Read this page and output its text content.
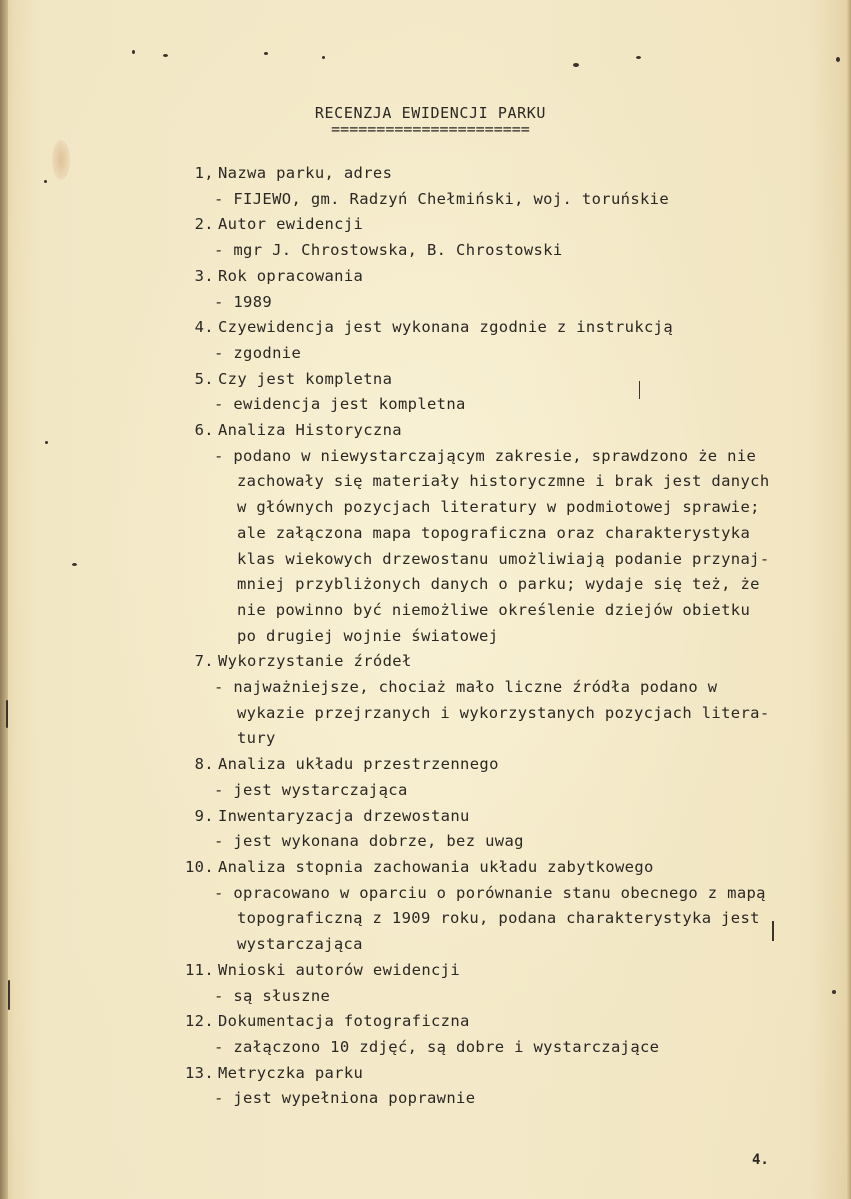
RECENZJA EWIDENCJI PARKU
======================
1, Nazwa parku, adres
- FIJEWO, gm. Radzyń Chełmiński, woj. toruńskie
2. Autor ewidencji
- mgr J. Chrostowska, B. Chrostowski
3. Rok opracowania
- 1989
4. Czyewidencja jest wykonana zgodnie z instrukcją
- zgodnie
5. Czy jest kompletna
- ewidencja jest kompletna
6. Analiza Historyczna
- podano w niewystarczającym zakresie, sprawdzono że nie
zachowały się materiały historyczmne i brak jest danych
w głównych pozycjach literatury w podmiotowej sprawie;
ale załączona mapa topograficzna oraz charakterystyka
klas wiekowych drzewostanu umożliwiają podanie przynaj-
mniej przybliżonych danych o parku; wydaje się też, że
nie powinno być niemożliwe określenie dziejów obietku
po drugiej wojnie światowej
7. Wykorzystanie źródeł
- najważniejsze, chociaż mało liczne źródła podano w
wykazie przejrzanych i wykorzystanych pozycjach litera-
tury
8. Analiza układu przestrzennego
- jest wystarczająca
9. Inwentaryzacja drzewostanu
- jest wykonana dobrze, bez uwag
10. Analiza stopnia zachowania układu zabytkowego
- opracowano w oparciu o porównanie stanu obecnego z mapą
topograficzną z 1909 roku, podana charakterystyka jest
wystarczająca
11. Wnioski autorów ewidencji
- są słuszne
12. Dokumentacja fotograficzna
- załączono 10 zdjęć, są dobre i wystarczające
13. Metryczka parku
- jest wypełniona poprawnie
4.
